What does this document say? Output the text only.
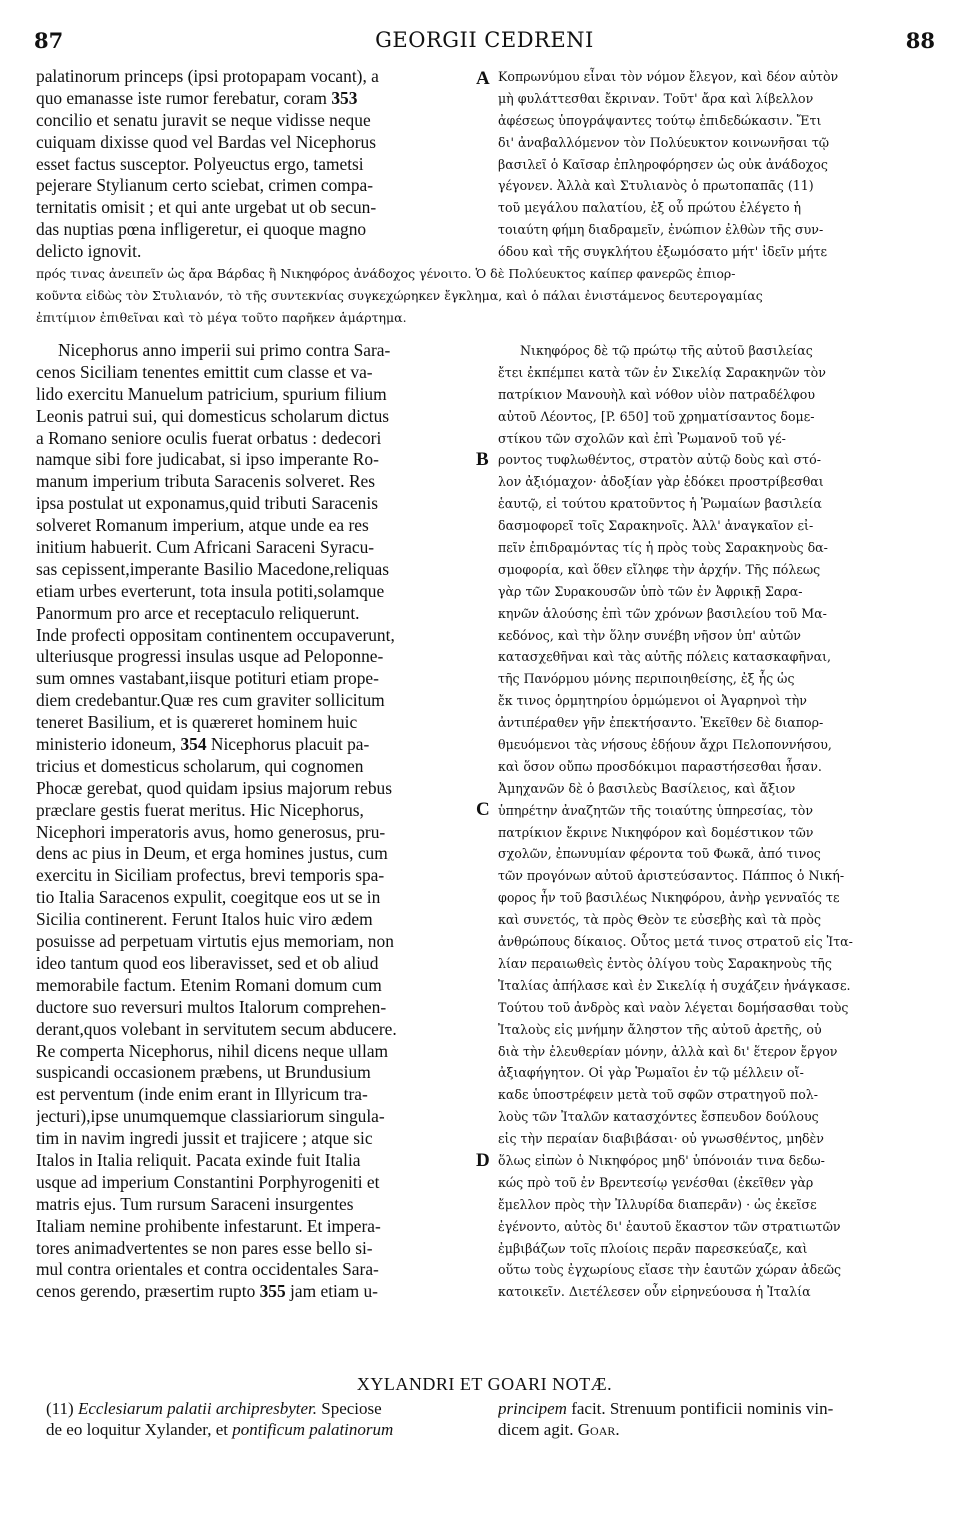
87	GEORGII CEDRENI	88
palatinorum princeps (ipsi protopapam vocant), a
quo emanasse iste rumor ferebatur, coram 353
concilio et senatu juravit se neque vidisse neque
cuiquam dixisse quod vel Bardas vel Nicephorus
esset factus susceptor. Polyeuctus ergo, tametsi
pejerare Stylianum certo sciebat, crimen compa-
ternitatis omisit ; et qui ante urgebat ut ob secun-
das nuptias pœna infligeretur, ei quoque magno
delicto ignovit.
Κοπρωνύμου εἶναι τὸν νόμον ἔλεγον, καὶ δέον αὐτὸν
μὴ φυλάττεσθαι ἔκριναν. Τοῦτ' ἄρα καὶ λίβελλον
ἀφέσεως ὑπογράψαντες τούτῳ ἐπιδεδώκασιν. Ἔτι
δι' ἀναβαλλόμενον τὸν Πολύευκτον κοινωνῆσαι τῷ
βασιλεῖ ὁ Καῖσαρ ἐπληροφόρησεν ὡς οὐκ ἀνάδοχος
γέγονεν. Ἀλλὰ καὶ Στυλιανὸς ὁ πρωτοπαπᾶς (11)
τοῦ μεγάλου παλατίου, ἐξ οὗ πρώτου ἐλέγετο ἡ
τοιαύτη φήμη διαδραμεῖν, ἐνώπιον ἐλθὼν τῆς συν-
όδου καὶ τῆς συγκλήτου ἐξωμόσατο μήτ' ἰδεῖν μήτε
πρός τινας ἀνειπεῖν ὡς ἄρα Βάρδας ἢ Νικηφόρος ἀνάδοχος γένοιτο. Ὁ δὲ Πολύευκτος καίπερ φανερῶς ἐπιορ-
κοῦντα εἰδὼς τὸν Στυλιανόν, τὸ τῆς συντεκνίας συγκεχώρηκεν ἔγκλημα, καὶ ὁ πάλαι ἐνιστάμενος δευτερογαμίας
ἐπιτίμιον ἐπιθεῖναι καὶ τὸ μέγα τοῦτο παρῆκεν ἁμάρτημα.
Nicephorus anno imperii sui primo contra Sara-
cenos Siciliam tenentes emittit cum classe et va-
lido exercitu Manuelum patricium, spurium filium
Leonis patrui sui, qui domesticus scholarum dictus
a Romano seniore oculis fuerat orbatus : dedecori
namque sibi fore judicabat, si ipso imperante Ro-
manum imperium tributa Saracenis solveret. Res
ipsa postulat ut exponamus,quid tributi Saracenis
solveret Romanum imperium, atque unde ea res
initium habuerit. Cum Africani Saraceni Syracu-
sas cepissent,imperante Basilio Macedone,reliquas
etiam urbes everterunt, tota insula potiti,solamque
Panormum pro arce et receptaculo reliquerunt.
Inde profecti oppositam continentem occupaverunt,
ulteriusque progressi insulas usque ad Peloponne-
sum omnes vastabant,iisque potituri etiam prope-
diem credebantur.Quæ res cum graviter sollicitum
teneret Basilium, et is quæreret hominem huic
ministerio idoneum, 354 Nicephorus placuit pa-
tricius et domesticus scholarum, qui cognomen
Phocæ gerebat, quod quidam ipsius majorum rebus
præclare gestis fuerat meritus. Hic Nicephorus,
Nicephori imperatoris avus, homo generosus, pru-
dens ac pius in Deum, et erga homines justus, cum
exercitu in Siciliam profectus, brevi temporis spa-
tio Italia Saracenos expulit, coegitque eos ut se in
Sicilia continerent. Ferunt Italos huic viro ædem
posuisse ad perpetuam virtutis ejus memoriam, non
ideo tantum quod eos liberavisset, sed et ob aliud
memorabile factum. Etenim Romani domum cum
ductore suo reversuri multos Italorum comprehen-
derant,quos volebant in servitutem secum abducere.
Re comperta Nicephorus, nihil dicens neque ullam
suspicandi occasionem præbens, ut Brundusium
est perventum (inde enim erant in Illyricum tra-
jecturi),ipse unumquemque classiariorum singula-
tim in navim ingredi jussit et trajicere ; atque sic
Italos in Italia reliquit. Pacata exinde fuit Italia
usque ad imperium Constantini Porphyrogeniti et
matris ejus. Tum rursum Saraceni insurgentes
Italiam nemine prohibente infestarunt. Et impera-
tores animadvertentes se non pares esse bello si-
mul contra orientales et contra occidentales Sara-
cenos gerendo, præsertim rupto 355 jam etiam u-
Νικηφόρος δὲ τῷ πρώτῳ τῆς αὐτοῦ βασιλείας
ἔτει ἐκπέμπει κατὰ τῶν ἐν Σικελίᾳ Σαρακηνῶν τὸν
πατρίκιον Μανουὴλ καὶ νόθον υἱὸν πατραδέλφου
αὐτοῦ Λέοντος, [P. 650] τοῦ χρηματίσαντος δομε-
στίκου τῶν σχολῶν καὶ ἐπὶ Ῥωμανοῦ τοῦ γέ-
ροντος τυφλωθέντος, στρατὸν αὐτῷ δοὺς καὶ στό-
λον ἀξιόμαχον· ἀδοξίαν γὰρ ἐδόκει προστρίβεσθαι
ἑαυτῷ, εἰ τούτου κρατοῦντος ἡ Ῥωμαίων βασιλεία
δασμοφορεῖ τοῖς Σαρακηνοῖς. Ἀλλ' ἀναγκαῖον εἰ-
πεῖν ἐπιδραμόντας τίς ἡ πρὸς τοὺς Σαρακηνοὺς δα-
σμοφορία, καὶ ὅθεν εἴληφε τὴν ἀρχήν. Τῆς πόλεως
γὰρ τῶν Συρακουσῶν ὑπὸ τῶν ἐν Ἀφρικῇ Σαρα-
κηνῶν ἁλούσης ἐπὶ τῶν χρόνων βασιλείου τοῦ Μα-
κεδόνος, καὶ τὴν ὅλην συνέβη νῆσον ὑπ' αὐτῶν
κατασχεθῆναι καὶ τὰς αὐτῆς πόλεις κατασκαφῆναι,
τῆς Πανόρμου μόνης περιποιηθείσης, ἐξ ἧς ὡς
ἔκ τινος ὁρμητηρίου ὁρμώμενοι οἱ Ἀγαρηνοὶ τὴν
ἀντιπέραθεν γῆν ἐπεκτήσαντο. Ἐκεῖθεν δὲ διαπορ-
θμευόμενοι τὰς νήσους ἐδῄουν ἄχρι Πελοποννήσου,
καὶ ὅσον οὔπω προσδόκιμοι παραστήσεσθαι ἦσαν.
Ἀμηχανῶν δὲ ὁ βασιλεὺς Βασίλειος, καὶ ἄξιον
ὑπηρέτην ἀναζητῶν τῆς τοιαύτης ὑπηρεσίας, τὸν
πατρίκιον ἔκρινε Νικηφόρον καὶ δομέστικον τῶν
σχολῶν, ἐπωνυμίαν φέροντα τοῦ Φωκᾶ, ἀπό τινος
τῶν προγόνων αὐτοῦ ἀριστεύσαντος. Πάππος ὁ Νική-
φορος ἦν τοῦ βασιλέως Νικηφόρου, ἀνὴρ γενναῖός τε
καὶ συνετός, τὰ πρὸς Θεὸν τε εὐσεβὴς καὶ τὰ πρὸς
ἀνθρώπους δίκαιος. Οὗτος μετά τινος στρατοῦ εἰς Ἰτα-
λίαν περαιωθεὶς ἐντὸς ὀλίγου τοὺς Σαρακηνοὺς τῆς
Ἰταλίας ἀπήλασε καὶ ἐν Σικελίᾳ ἡ συχάζειν ἠνάγκασε.
Τούτου τοῦ ἀνδρὸς καὶ ναὸν λέγεται δομήσασθαι τοὺς
Ἰταλοὺς εἰς μνήμην ἄληστον τῆς αὐτοῦ ἀρετῆς, οὐ
διὰ τὴν ἐλευθερίαν μόνην, ἀλλὰ καὶ δι' ἕτερον ἔργον
ἀξιαφήγητον. Οἱ γὰρ Ῥωμαῖοι ἐν τῷ μέλλειν οἴ-
καδε ὑποστρέφειν μετὰ τοῦ σφῶν στρατηγοῦ πολ-
λοὺς τῶν Ἰταλῶν κατασχόντες ἔσπευδον δούλους
εἰς τὴν περαίαν διαβιβάσαι· οὐ γνωσθέντος, μηδὲν
ὅλως εἰπὼν ὁ Νικηφόρος μηδ' ὑπόνοιάν τινα δεδω-
κώς πρὸ τοῦ ἐν Βρεντεσίῳ γενέσθαι (ἐκεῖθεν γὰρ
ἔμελλον πρὸς τὴν Ἰλλυρίδα διαπερᾶν) · ὡς ἐκεῖσε
ἐγένοντο, αὐτὸς δι' ἑαυτοῦ ἕκαστον τῶν στρατιωτῶν
ἐμβιβάζων τοῖς πλοίοις περᾶν παρεσκεύαζε, καὶ
οὕτω τοὺς ἐγχωρίους εἴασε τὴν ἑαυτῶν χώραν ἀδεῶς
κατοικεῖν. Διετέλεσεν οὖν εἰρηνεύουσα ἡ Ἰταλία
A
B
C
D
XYLANDRI ET GOARI NOTÆ.
(11) Ecclesiarum palatii archipresbyter. Speciose
de eo loquitur Xylander, et pontificum palatinorum
principem facit. Strenuum pontificii nominis vin-
dicem agit. Goar.
